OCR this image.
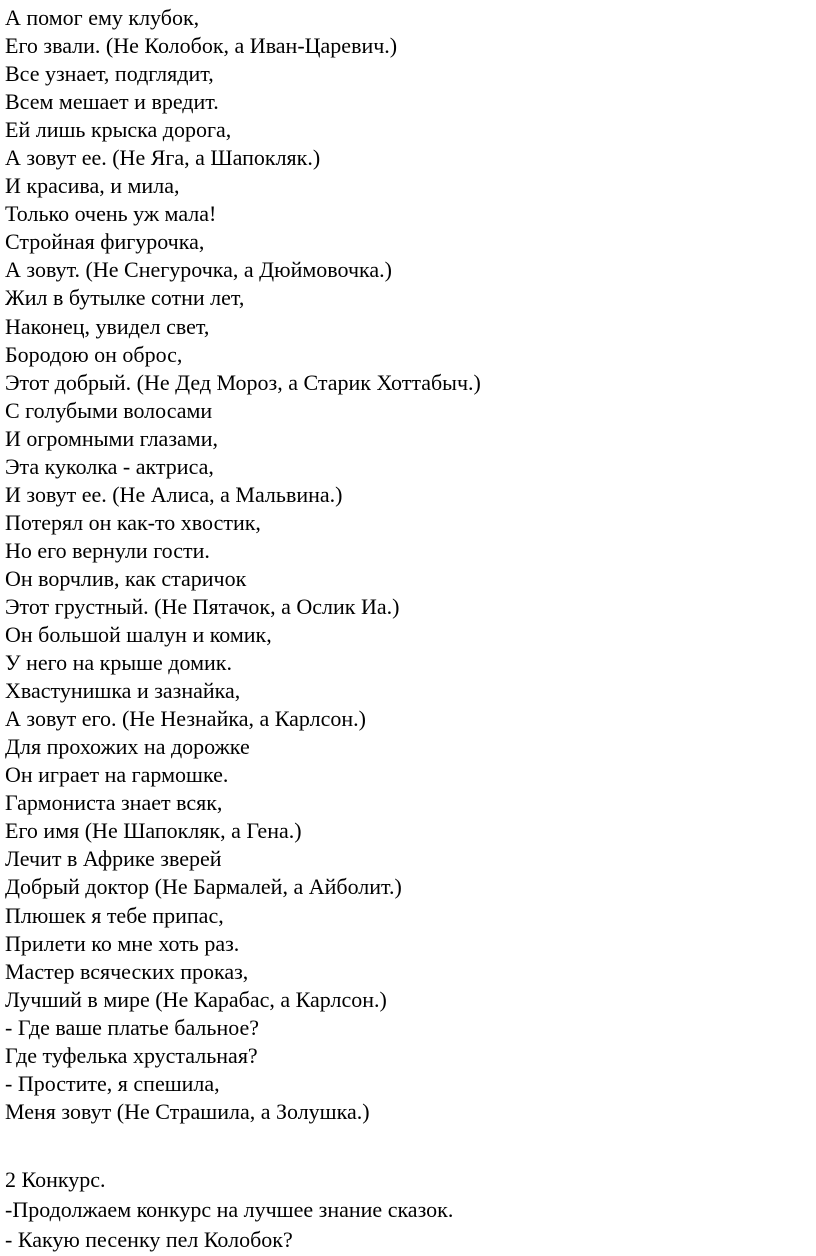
А помог ему клубок,
Его звали. (Не Колобок, а Иван-Царевич.)
Все узнает, подглядит,
Всем мешает и вредит.
Ей лишь крыска дорога,
А зовут ее. (Не Яга, а Шапокляк.)
И красива, и мила,
Только очень уж мала!
Стройная фигурочка,
А зовут. (Не Снегурочка, а Дюймовочка.)
Жил в бутылке сотни лет,
Наконец, увидел свет,
Бородою он оброс,
Этот добрый. (Не Дед Мороз, а Старик Хоттабыч.)
С голубыми волосами
И огромными глазами,
Эта куколка - актриса,
И зовут ее. (Не Алиса, а Мальвина.)
Потерял он как-то хвостик,
Но его вернули гости.
Он ворчлив, как старичок
Этот грустный. (Не Пятачок, а Ослик Иа.)
Он большой шалун и комик,
У него на крыше домик.
Хвастунишка и зазнайка,
А зовут его. (Не Незнайка, а Карлсон.)
Для прохожих на дорожке
Он играет на гармошке.
Гармониста знает всяк,
Его имя (Не Шапокляк, а Гена.)
Лечит в Африке зверей
Добрый доктор (Не Бармалей, а Айболит.)
Плюшек я тебе припас,
Прилети ко мне хоть раз.
Мастер всяческих проказ,
Лучший в мире (Не Карабас, а Карлсон.)
- Где ваше платье бальное?
Где туфелька хрустальная?
- Простите, я спешила,
Меня зовут (Не Страшила, а Золушка.)
2 Конкурс.
-Продолжаем конкурс на лучшее знание сказок.
- Какую песенку пел Колобок?
